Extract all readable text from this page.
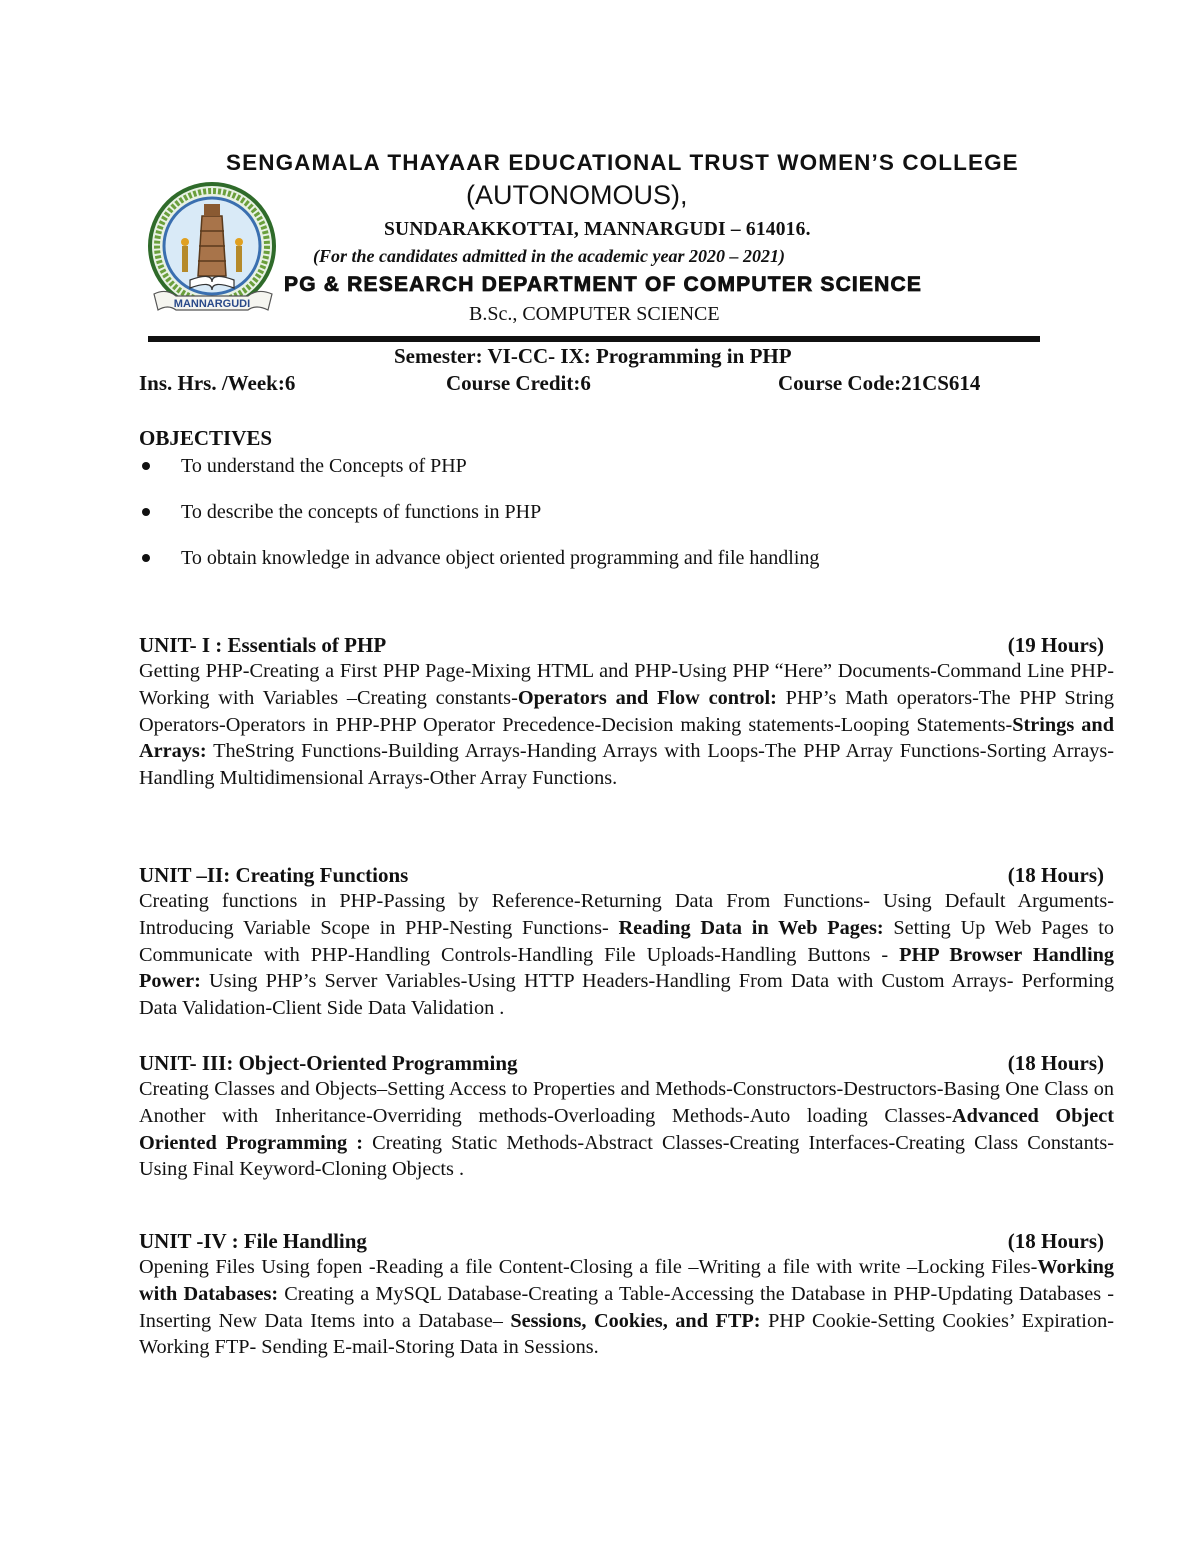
MANNARGUDI
SENGAMALA THAYAAR EDUCATIONAL TRUST WOMEN’S COLLEGE
(AUTONOMOUS),
SUNDARAKKOTTAI, MANNARGUDI – 614016.
(For the candidates admitted in the academic year 2020 – 2021)
PG & RESEARCH DEPARTMENT OF COMPUTER SCIENCE
B.Sc., COMPUTER SCIENCE
Semester: VI-CC- IX: Programming in PHP
Ins. Hrs. /Week:6	Course Credit:6	Course Code:21CS614
OBJECTIVES
To understand the Concepts of PHP
To describe the concepts of functions in PHP
To obtain knowledge in advance object oriented programming and file handling
UNIT- I : Essentials of PHP	(19 Hours)
Getting PHP-Creating a First PHP Page-Mixing HTML and PHP-Using PHP “Here” Documents-Command Line PHP- Working with Variables –Creating constants-Operators and Flow control: PHP’s Math operators-The PHP String Operators-Operators in PHP-PHP Operator Precedence-Decision making statements-Looping Statements-Strings and Arrays: TheString Functions-Building Arrays-Handing Arrays with Loops-The PHP Array Functions-Sorting Arrays-Handling Multidimensional Arrays-Other Array Functions.
UNIT –II: Creating Functions	(18 Hours)
Creating functions in PHP-Passing by Reference-Returning Data From Functions- Using Default Arguments- Introducing Variable Scope in PHP-Nesting Functions- Reading Data in Web Pages: Setting Up Web Pages to Communicate with PHP-Handling Controls-Handling File Uploads-Handling Buttons - PHP Browser Handling Power: Using PHP’s Server Variables-Using HTTP Headers-Handling From Data with Custom Arrays- Performing Data Validation-Client Side Data Validation .
UNIT- III: Object-Oriented Programming	(18 Hours)
Creating Classes and Objects–Setting Access to Properties and Methods-Constructors-Destructors-Basing One Class on Another with Inheritance-Overriding methods-Overloading Methods-Auto loading Classes-Advanced Object Oriented Programming : Creating Static Methods-Abstract Classes-Creating Interfaces-Creating Class Constants-Using Final Keyword-Cloning Objects .
UNIT -IV : File Handling	(18 Hours)
Opening Files Using fopen -Reading a file Content-Closing a file –Writing a file with write –Locking Files-Working with Databases: Creating a MySQL Database-Creating a Table-Accessing the Database in PHP-Updating Databases -Inserting New Data Items into a Database– Sessions, Cookies, and FTP: PHP Cookie-Setting Cookies’ Expiration-Working FTP- Sending E-mail-Storing Data in Sessions.
